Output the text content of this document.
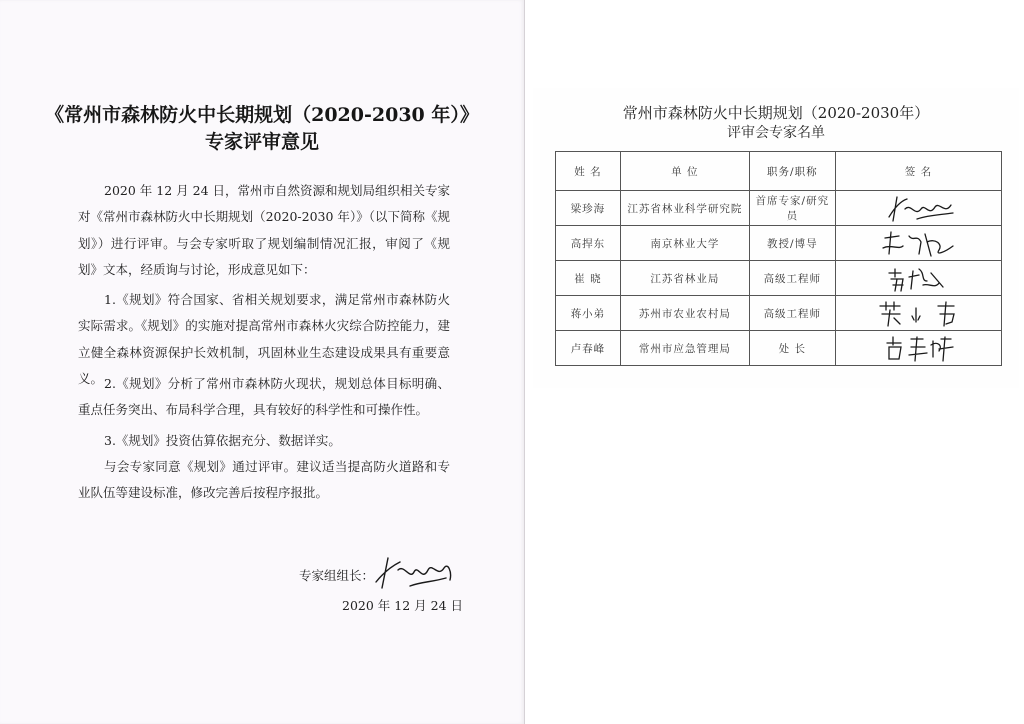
《常州市森林防火中长期规划（2020-2030 年）》
专家评审意见
2020 年 12 月 24 日，常州市自然资源和规划局组织相关专家对《常州市森林防火中长期规划（2020-2030 年）》（以下简称《规划》）进行评审。与会专家听取了规划编制情况汇报，审阅了《规划》文本，经质询与讨论，形成意见如下：
1.《规划》符合国家、省相关规划要求，满足常州市森林防火实际需求。《规划》的实施对提高常州市森林火灾综合防控能力，建立健全森林资源保护长效机制，巩固林业生态建设成果具有重要意义。 2.《规划》分析了常州市森林防火现状，规划总体目标明确、重点任务突出、布局科学合理，具有较好的科学性和可操作性。
3.《规划》投资估算依据充分、数据详实。
与会专家同意《规划》通过评审。建议适当提高防火道路和专业队伍等建设标准，修改完善后按程序报批。
专家组组长：
2020 年 12 月 24 日
常州市森林防火中长期规划（2020-2030年）
评审会专家名单
姓 名	单 位	职务/职称	签 名
梁珍海	江苏省林业科学研究院	首席专家/研究员	

高捍东	南京林业大学	教授/博导	

崔 晓	江苏省林业局	高级工程师	

蒋小弟	苏州市农业农村局	高级工程师	

卢春峰	常州市应急管理局	处 长	
